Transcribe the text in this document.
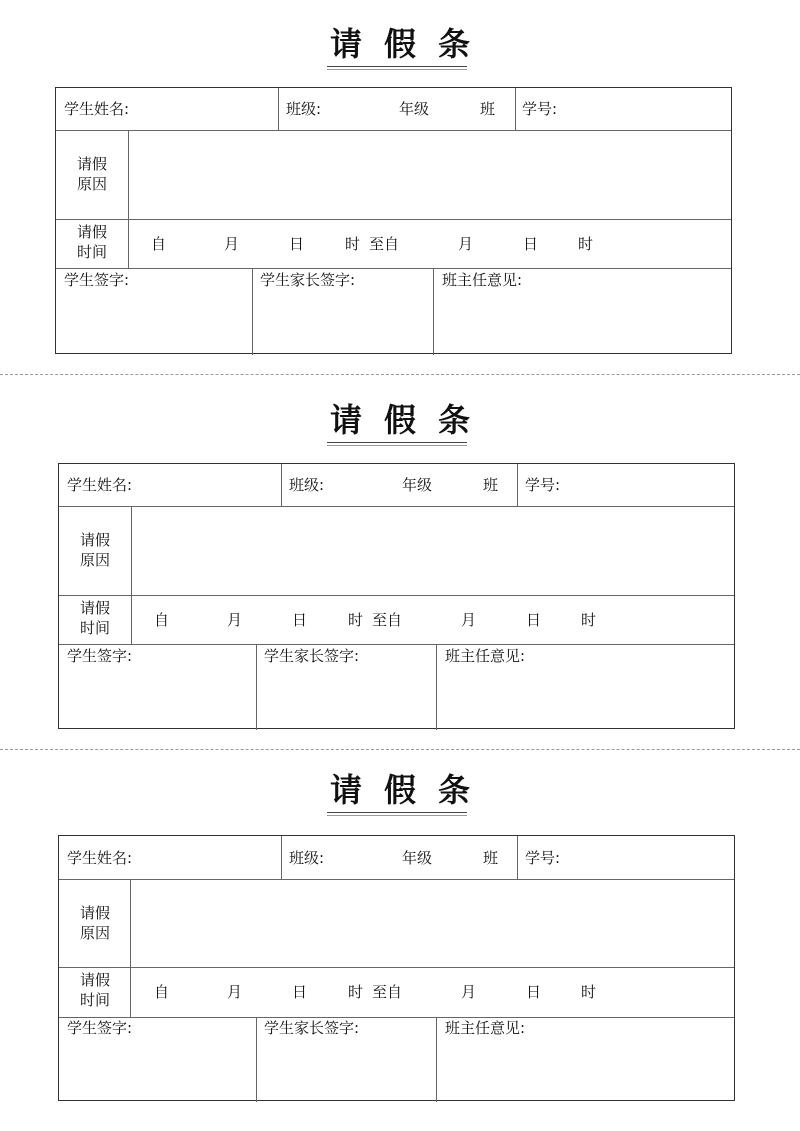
请假条
学生姓名:	班级:	年级	班 学号:
请假
原因
请假
时间	自	月	日	时 至自	月	日	时
学生签字:	学生家长签字:	班主任意见:
请假条
学生姓名:	班级:	年级	班 学号:
请假
原因
请假
时间	自	月	日	时 至自	月	日	时
学生签字:	学生家长签字:	班主任意见:
请假条
学生姓名:	班级:	年级	班 学号:
请假
原因
请假
时间	自	月	日	时 至自	月	日	时
学生签字:	学生家长签字:	班主任意见:
